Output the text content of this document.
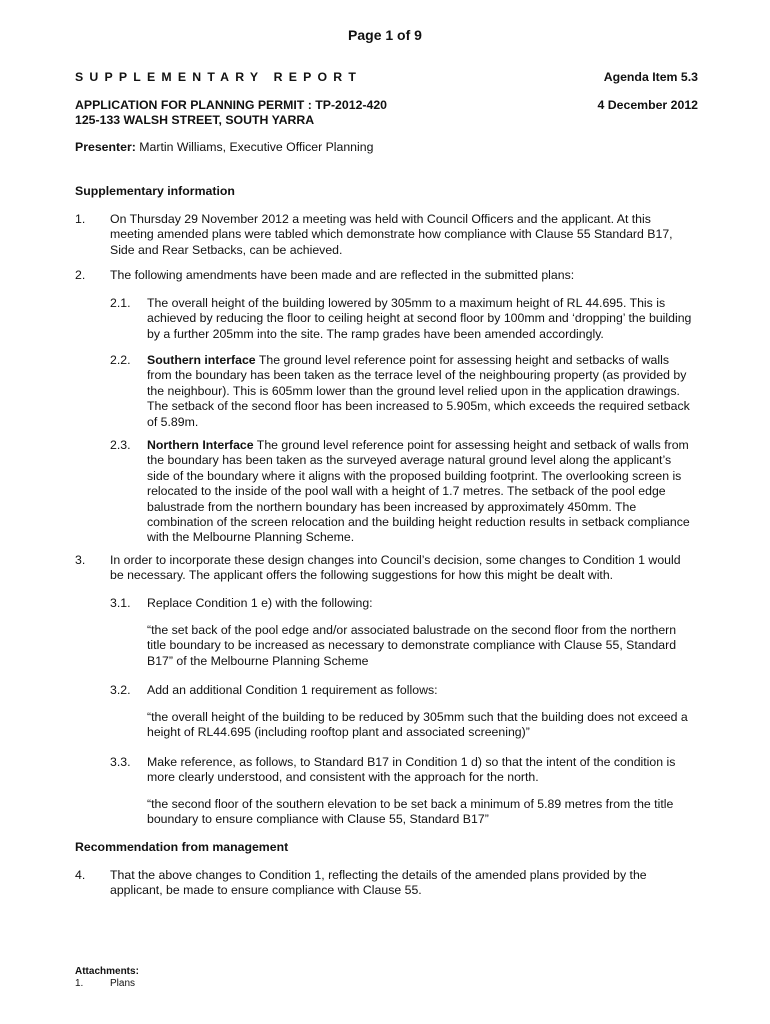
Page 1 of 9
SUPPLEMENTARY REPORT	Agenda Item 5.3
APPLICATION FOR PLANNING PERMIT : TP-2012-420
125-133 WALSH STREET, SOUTH YARRA
4 December 2012
Presenter: Martin Williams, Executive Officer Planning
Supplementary information
1. On Thursday 29 November 2012 a meeting was held with Council Officers and the applicant. At this
meeting amended plans were tabled which demonstrate how compliance with Clause 55 Standard B17,
Side and Rear Setbacks, can be achieved.
2. The following amendments have been made and are reflected in the submitted plans:
2.1. The overall height of the building lowered by 305mm to a maximum height of RL 44.695. This is
achieved by reducing the floor to ceiling height at second floor by 100mm and ‘dropping’ the building
by a further 205mm into the site. The ramp grades have been amended accordingly.
2.2. Southern interface The ground level reference point for assessing height and setbacks of walls
from the boundary has been taken as the terrace level of the neighbouring property (as provided by
the neighbour). This is 605mm lower than the ground level relied upon in the application drawings.
The setback of the second floor has been increased to 5.905m, which exceeds the required setback
of 5.89m.
2.3. Northern Interface The ground level reference point for assessing height and setback of walls from
the boundary has been taken as the surveyed average natural ground level along the applicant’s
side of the boundary where it aligns with the proposed building footprint. The overlooking screen is
relocated to the inside of the pool wall with a height of 1.7 metres. The setback of the pool edge
balustrade from the northern boundary has been increased by approximately 450mm. The
combination of the screen relocation and the building height reduction results in setback compliance
with the Melbourne Planning Scheme.
3. In order to incorporate these design changes into Council’s decision, some changes to Condition 1 would
be necessary. The applicant offers the following suggestions for how this might be dealt with.
3.1. Replace Condition 1 e) with the following:
“the set back of the pool edge and/or associated balustrade on the second floor from the northern
title boundary to be increased as necessary to demonstrate compliance with Clause 55, Standard
B17” of the Melbourne Planning Scheme
3.2. Add an additional Condition 1 requirement as follows:
“the overall height of the building to be reduced by 305mm such that the building does not exceed a
height of RL44.695 (including rooftop plant and associated screening)”
3.3. Make reference, as follows, to Standard B17 in Condition 1 d) so that the intent of the condition is
more clearly understood, and consistent with the approach for the north.
“the second floor of the southern elevation to be set back a minimum of 5.89 metres from the title
boundary to ensure compliance with Clause 55, Standard B17”
Recommendation from management
4. That the above changes to Condition 1, reflecting the details of the amended plans provided by the
applicant, be made to ensure compliance with Clause 55.
Attachments:
1.	Plans
